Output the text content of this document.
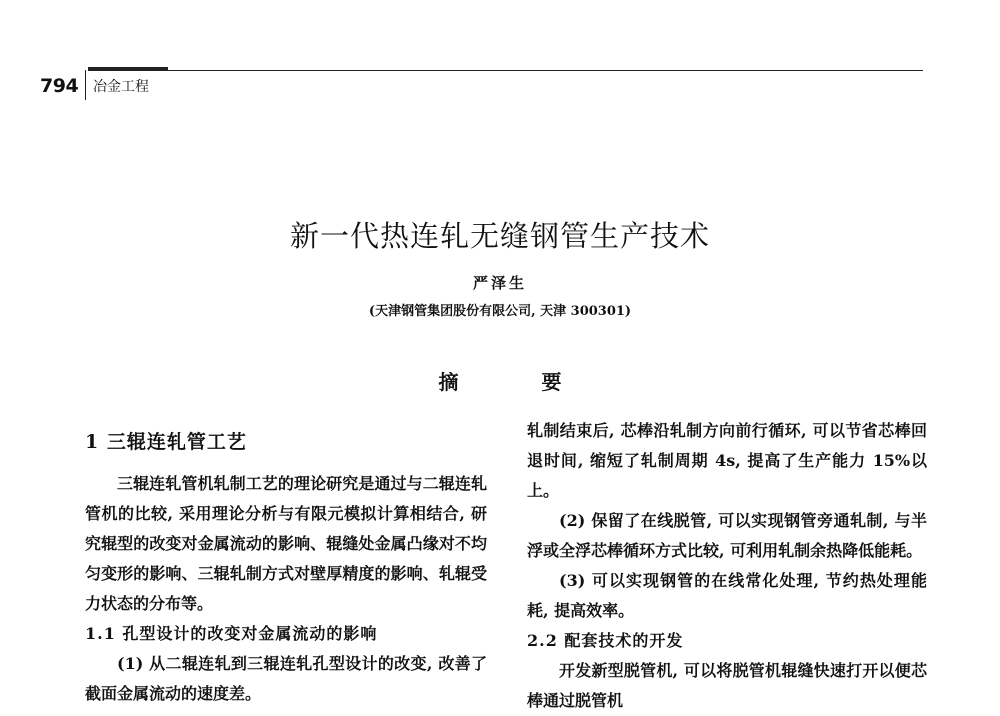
794 冶金工程
新一代热连轧无缝钢管生产技术
严泽生
(天津钢管集团股份有限公司, 天津 300301)
摘 要
1 三辊连轧管工艺
三辊连轧管机轧制工艺的理论研究是通过与二辊连轧管机的比较, 采用理论分析与有限元模拟计算相结合, 研究辊型的改变对金属流动的影响、辊缝处金属凸缘对不均匀变形的影响、三辊轧制方式对壁厚精度的影响、轧辊受力状态的分布等。
1.1 孔型设计的改变对金属流动的影响
(1) 从二辊连轧到三辊连轧孔型设计的改变, 改善了截面金属流动的速度差。
轧制结束后, 芯棒沿轧制方向前行循环, 可以节省芯棒回退时间, 缩短了轧制周期 4s, 提高了生产能力 15%以上。
(2) 保留了在线脱管, 可以实现钢管旁通轧制, 与半浮或全浮芯棒循环方式比较, 可利用轧制余热降低能耗。
(3) 可以实现钢管的在线常化处理, 节约热处理能耗, 提高效率。
2.2 配套技术的开发
开发新型脱管机, 可以将脱管机辊缝快速打开以便芯棒通过脱管机
